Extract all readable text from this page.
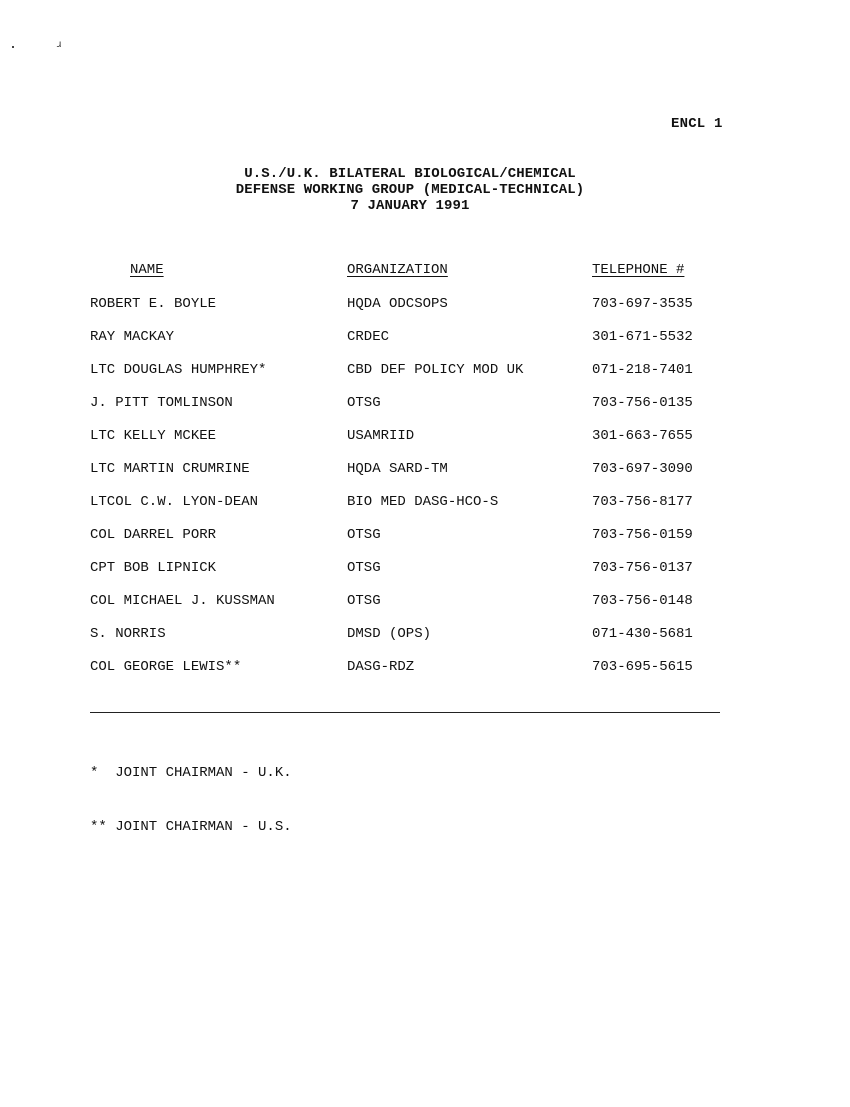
ɹ
ENCL 1
U.S./U.K. BILATERAL BIOLOGICAL/CHEMICAL
DEFENSE WORKING GROUP (MEDICAL-TECHNICAL)
7 JANUARY 1991
NAME	ORGANIZATION	TELEPHONE #
ROBERT E. BOYLE	HQDA ODCSOPS	703-697-3535
RAY MACKAY	CRDEC	301-671-5532
LTC DOUGLAS HUMPHREY*	CBD DEF POLICY MOD UK	071-218-7401
J. PITT TOMLINSON	OTSG	703-756-0135
LTC KELLY MCKEE	USAMRIID	301-663-7655
LTC MARTIN CRUMRINE	HQDA SARD-TM	703-697-3090
LTCOL C.W. LYON-DEAN	BIO MED DASG-HCO-S	703-756-8177
COL DARREL PORR	OTSG	703-756-0159
CPT BOB LIPNICK	OTSG	703-756-0137
COL MICHAEL J. KUSSMAN	OTSG	703-756-0148
S. NORRIS	DMSD (OPS)	071-430-5681
COL GEORGE LEWIS**	DASG-RDZ	703-695-5615

*  JOINT CHAIRMAN - U.K.

** JOINT CHAIRMAN - U.S.
